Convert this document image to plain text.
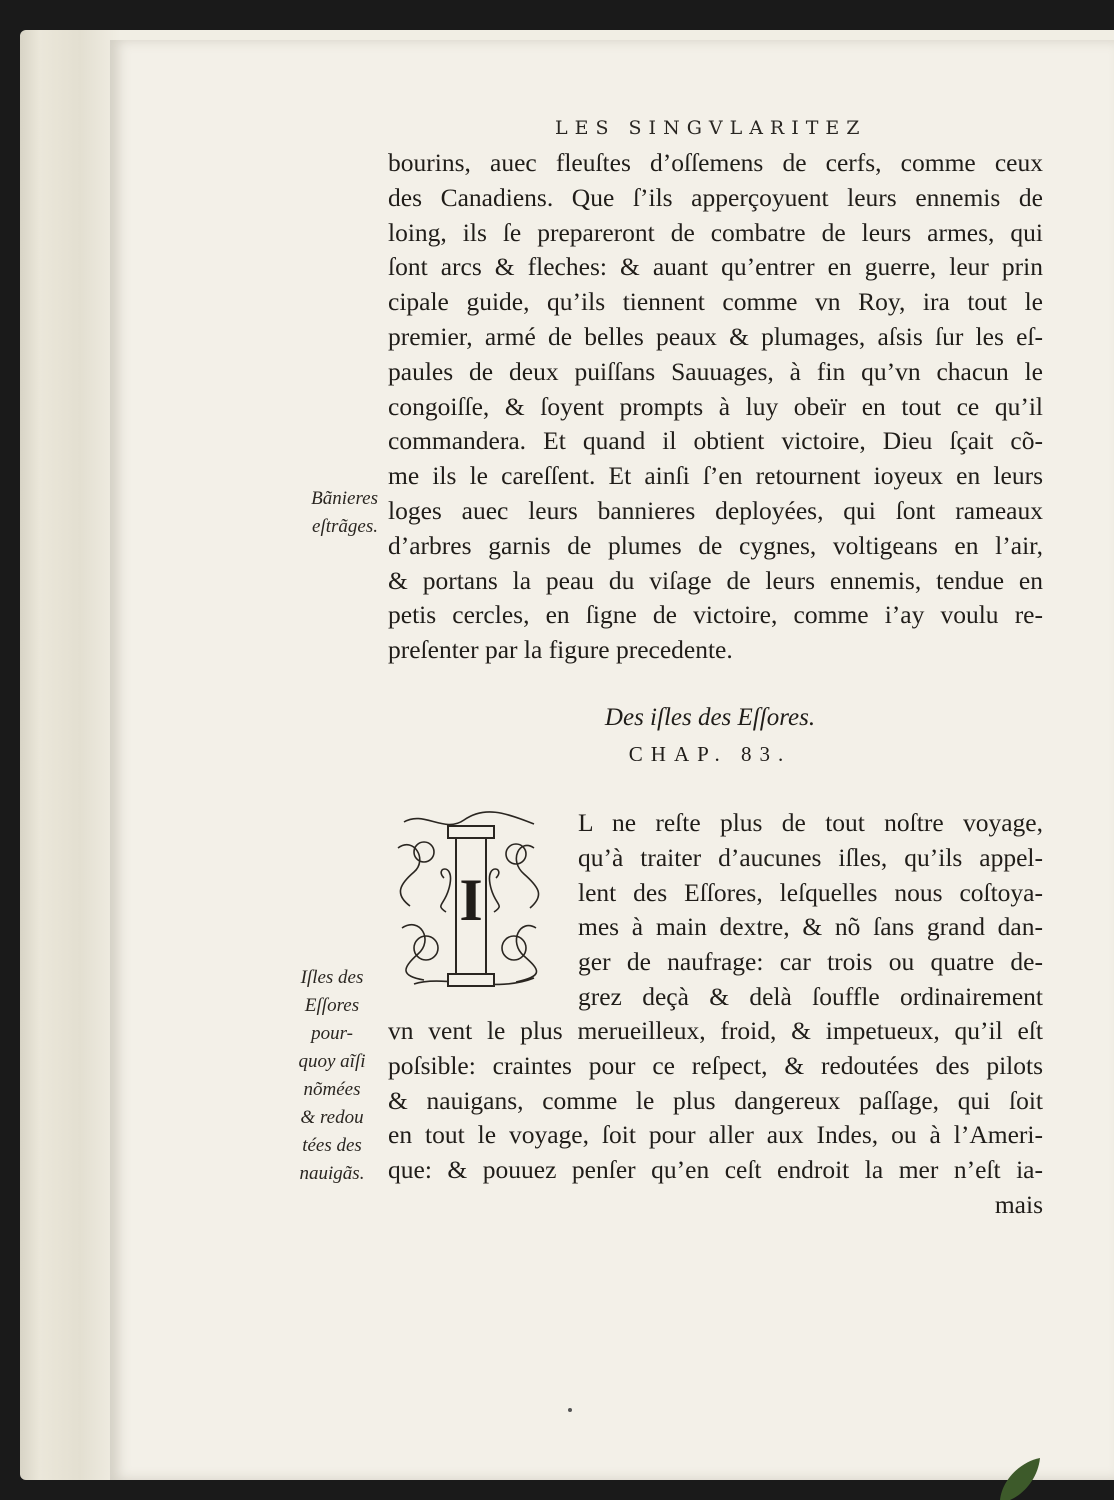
LES SINGVLARITEZ
bourins, auec fleuſtes d’oſſemens de cerfs, comme ceux
des Canadiens. Que ſ’ils apperçoyuent leurs ennemis de
loing, ils ſe prepareront de combatre de leurs armes, qui
ſont arcs & fleches: & auant qu’entrer en guerre, leur prin
cipale guide, qu’ils tiennent comme vn Roy, ira tout le
premier, armé de belles peaux & plumages, aſsis ſur les eſ-
paules de deux puiſſans Sauuages, à fin qu’vn chacun le
congoiſſe, & ſoyent prompts à luy obeïr en tout ce qu’il
commandera. Et quand il obtient victoire, Dieu ſçait cõ-
me ils le careſſent. Et ainſi ſ’en retournent ioyeux en leurs
loges auec leurs bannieres deployées, qui ſont rameaux
d’arbres garnis de plumes de cygnes, voltigeans en l’air,
& portans la peau du viſage de leurs ennemis, tendue en
petis cercles, en ſigne de victoire, comme i’ay voulu re-
preſenter par la figure precedente.
Des iſles des Eſſores.
CHAP. 83.
I
L ne reſte plus de tout noſtre voyage,
qu’à traiter d’aucunes iſles, qu’ils appel-
lent des Eſſores, leſquelles nous coſtoya-
mes à main dextre, & nõ ſans grand dan-
ger de naufrage: car trois ou quatre de-
grez deçà & delà ſouffle ordinairement
vn vent le plus merueilleux, froid, & impetueux, qu’il eſt
poſsible: craintes pour ce reſpect, & redoutées des pilots
& nauigans, comme le plus dangereux paſſage, qui ſoit
en tout le voyage, ſoit pour aller aux Indes, ou à l’Ameri-
que: & pouuez penſer qu’en ceſt endroit la mer n’eſt ia-
mais
Bãnieres
eſtrãges.
Iſles des
Eſſores
pour-
quoy aĩſi
nõmées
& redou
tées des
nauigãs.
